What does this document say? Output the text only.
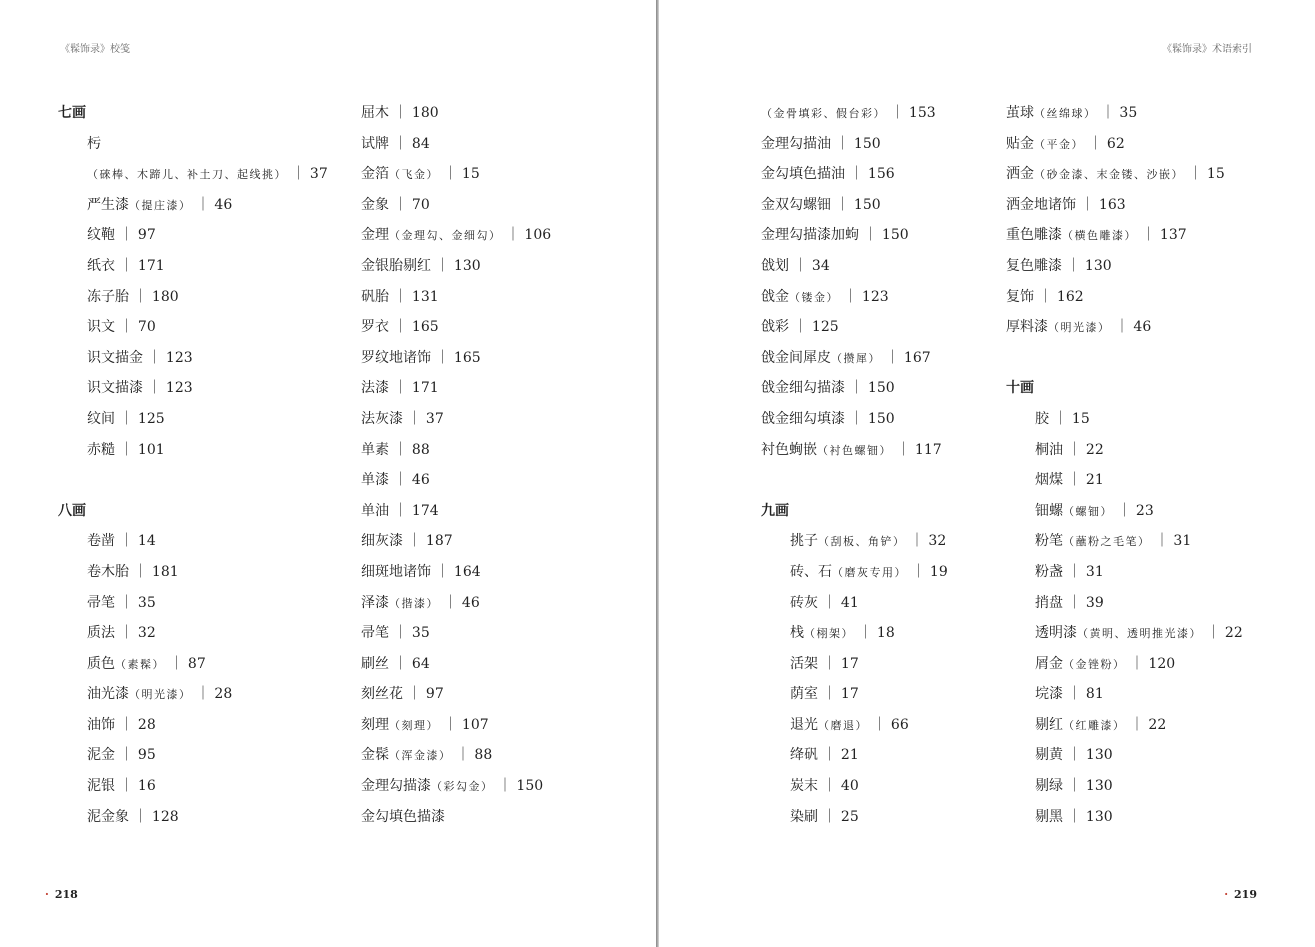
《髹饰录》校笺
七画
杇
（䂾棒、木蹄儿、补土刀、起线挑） ｜ 37
严生漆（提庄漆） ｜ 46
纹鞄 ｜ 97
纸衣 ｜ 171
冻子胎 ｜ 180
识文 ｜ 70
识文描金 ｜ 123
识文描漆 ｜ 123
纹间 ｜ 125
赤糙 ｜ 101
八画
卷凿 ｜ 14
卷木胎 ｜ 181
帚笔 ｜ 35
质法 ｜ 32
质色（素髹） ｜ 87
油光漆（明光漆） ｜ 28
油饰 ｜ 28
泥金 ｜ 95
泥银 ｜ 16
泥金象 ｜ 128
屈木 ｜ 180
试牌 ｜ 84
金箔（飞金） ｜ 15
金象 ｜ 70
金理（金理勾、金细勾） ｜ 106
金银胎剔红 ｜ 130
矾胎 ｜ 131
罗衣 ｜ 165
罗纹地诸饰 ｜ 165
法漆 ｜ 171
法灰漆 ｜ 37
单素 ｜ 88
单漆 ｜ 46
单油 ｜ 174
细灰漆 ｜ 187
细斑地诸饰 ｜ 164
泽漆（揩漆） ｜ 46
帚笔 ｜ 35
刷丝 ｜ 64
刻丝花 ｜ 97
刻理（刻理） ｜ 107
金髹（浑金漆） ｜ 88
金理勾描漆（彩勾金） ｜ 150
金勾填色描漆
· 218
《髹饰录》术语索引
（金骨填彩、假台彩） ｜ 153
金理勾描油 ｜ 150
金勾填色描油 ｜ 156
金双勾螺钿 ｜ 150
金理勾描漆加蚼 ｜ 150
戗划 ｜ 34
戗金（镂金） ｜ 123
戗彩 ｜ 125
戗金间犀皮（攒犀） ｜ 167
戗金细勾描漆 ｜ 150
戗金细勾填漆 ｜ 150
衬色蜔嵌（衬色螺钿） ｜ 117
九画
挑子（刮板、角铲） ｜ 32
砖、石（磨灰专用） ｜ 19
砖灰 ｜ 41
栈（栩架） ｜ 18
活架 ｜ 17
荫室 ｜ 17
退光（磨退） ｜ 66
绛矾 ｜ 21
炭末 ｜ 40
染刷 ｜ 25
茧球（丝绵球） ｜ 35
贴金（平金） ｜ 62
洒金（砂金漆、末金镂、沙嵌） ｜ 15
洒金地诸饰 ｜ 163
重色雕漆（横色雕漆） ｜ 137
复色雕漆 ｜ 130
复饰 ｜ 162
厚料漆（明光漆） ｜ 46
十画
胶 ｜ 15
桐油 ｜ 22
烟煤 ｜ 21
钿螺（螺钿） ｜ 23
粉笔（蘸粉之毛笔） ｜ 31
粉盏 ｜ 31
捎盘 ｜ 39
透明漆（黄明、透明推光漆） ｜ 22
屑金（金锉粉） ｜ 120
垸漆 ｜ 81
剔红（红雕漆） ｜ 22
剔黄 ｜ 130
剔绿 ｜ 130
剔黑 ｜ 130
· 219
